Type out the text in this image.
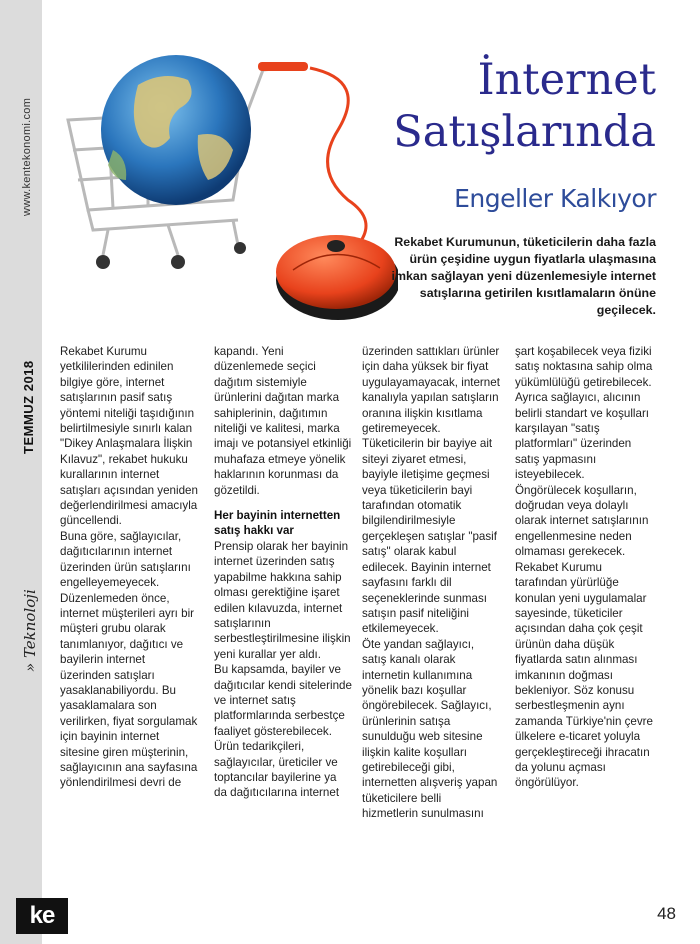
www.kentekonomi.com
TEMMUZ 2018
» Teknoloji
ke	48
İnternet
Satışlarında
Engeller Kalkıyor
Rekabet Kurumunun, tüketicilerin daha fazla ürün çeşidine uygun fiyatlarla ulaşmasına imkan sağlayan yeni düzenlemesiyle internet satışlarına getirilen kısıtlamaların önüne geçilecek.

Rekabet Kurumu yetkililerinden edinilen bilgiye göre, internet satışlarının pasif satış yöntemi niteliği taşıdığının belirtilmesiyle sınırlı kalan "Dikey Anlaşmalara İlişkin Kılavuz", rekabet hukuku kurallarının internet satışları açısından yeniden değerlendirilmesi amacıyla güncellendi.

Buna göre, sağlayıcılar, dağıtıcılarının internet üzerinden ürün satışlarını engelleyemeyecek.

Düzenlemeden önce, internet müşterileri ayrı bir müşteri grubu olarak tanımlanıyor, dağıtıcı ve bayilerin internet üzerinden satışları yasaklanabiliyordu. Bu yasaklamalara son verilirken, fiyat sorgulamak için bayinin internet sitesine giren müşterinin, sağlayıcının ana sayfasına yönlendirilmesi devri de

kapandı. Yeni düzenlemede seçici dağıtım sistemiyle ürünlerini dağıtan marka sahiplerinin, dağıtımın niteliği ve kalitesi, marka imajı ve potansiyel etkinliği muhafaza etmeye yönelik haklarının korunması da gözetildi.

Her bayinin internetten satış hakkı var

Prensip olarak her bayinin internet üzerinden satış yapabilme hakkına sahip olması gerektiğine işaret edilen kılavuzda, internet satışlarının serbestleştirilmesine ilişkin yeni kurallar yer aldı.

Bu kapsamda, bayiler ve dağıtıcılar kendi sitelerinde ve internet satış platformlarında serbestçe faaliyet gösterebilecek. Ürün tedarikçileri, sağlayıcılar, üreticiler ve toptancılar bayilerine ya da dağıtıcılarına internet

üzerinden sattıkları ürünler için daha yüksek bir fiyat uygulayamayacak, internet kanalıyla yapılan satışların oranına ilişkin kısıtlama getiremeyecek.

Tüketicilerin bir bayiye ait siteyi ziyaret etmesi, bayiyle iletişime geçmesi veya tüketicilerin bayi tarafından otomatik bilgilendirilmesiyle gerçekleşen satışlar "pasif satış" olarak kabul edilecek. Bayinin internet sayfasını farklı dil seçeneklerinde sunması satışın pasif niteliğini etkilemeyecek.

Öte yandan sağlayıcı, satış kanalı olarak internetin kullanımına yönelik bazı koşullar öngörebilecek. Sağlayıcı, ürünlerinin satışa sunulduğu web sitesine ilişkin kalite koşulları getirebileceği gibi, internetten alışveriş yapan tüketicilere belli hizmetlerin sunulmasını

şart koşabilecek veya fiziki satış noktasına sahip olma yükümlülüğü getirebilecek. Ayrıca sağlayıcı, alıcının belirli standart ve koşulları karşılayan "satış platformları" üzerinden satış yapmasını isteyebilecek.

Öngörülecek koşulların, doğrudan veya dolaylı olarak internet satışlarının engellenmesine neden olmaması gerekecek.

Rekabet Kurumu tarafından yürürlüğe konulan yeni uygulamalar sayesinde, tüketiciler açısından daha çok çeşit ürünün daha düşük fiyatlarda satın alınması imkanının doğması bekleniyor. Söz konusu serbestleşmenin aynı zamanda Türkiye'nin çevre ülkelere e-ticaret yoluyla gerçekleştireceği ihracatın da yolunu açması öngörülüyor.
